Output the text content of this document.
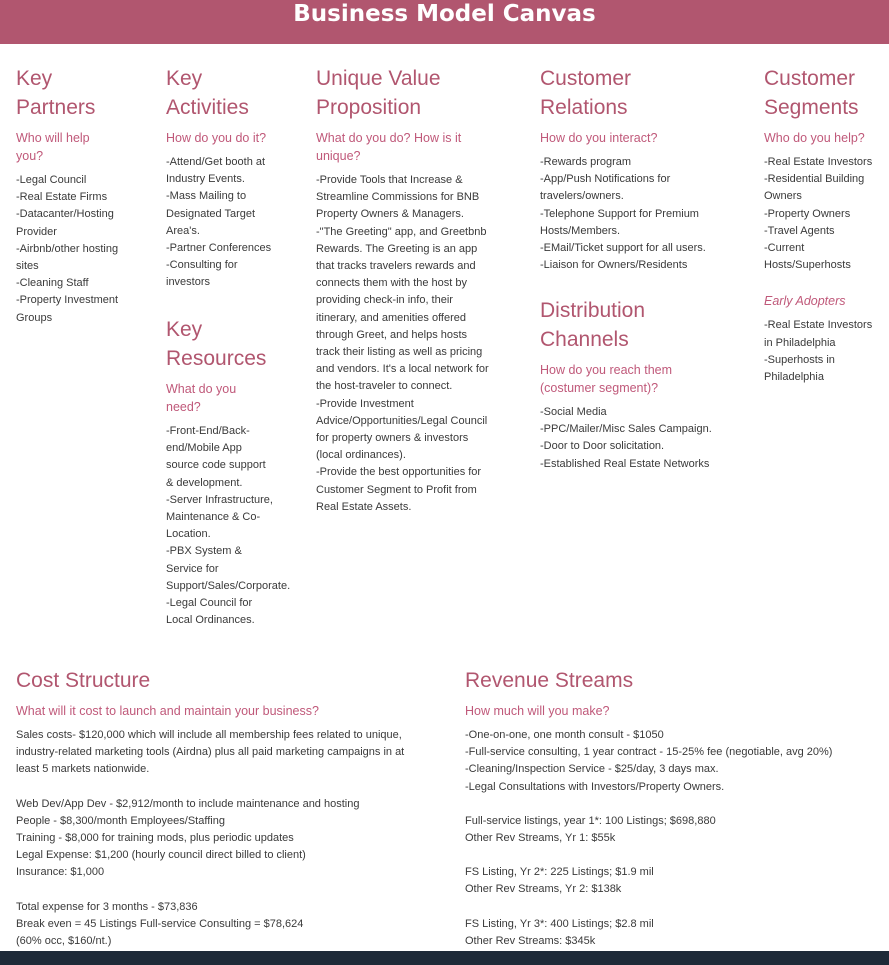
Business Model Canvas
Key
Partners
Who will help
you?
-Legal Council
-Real Estate Firms
-Datacanter/Hosting
Provider
-Airbnb/other hosting
sites
-Cleaning Staff
-Property Investment
Groups
Key
Activities
How do you do it?
-Attend/Get booth at
Industry Events.
-Mass Mailing to
Designated Target
Area's.
-Partner Conferences
-Consulting for
investors
Key
Resources
What do you
need?
-Front-End/Back-
end/Mobile App
source code support
& development.
-Server Infrastructure,
Maintenance & Co-
Location.
-PBX System &
Service for
Support/Sales/Corporate.
-Legal Council for
Local Ordinances.
Unique Value
Proposition
What do you do? How is it
unique?
-Provide Tools that Increase &
Streamline Commissions for BNB
Property Owners & Managers.
-"The Greeting" app, and Greetbnb
Rewards. The Greeting is an app
that tracks travelers rewards and
connects them with the host by
providing check-in info, their
itinerary, and amenities offered
through Greet, and helps hosts
track their listing as well as pricing
and vendors. It's a local network for
the host-traveler to connect.
-Provide Investment
Advice/Opportunities/Legal Council
for property owners & investors
(local ordinances).
-Provide the best opportunities for
Customer Segment to Profit from
Real Estate Assets.
Customer
Relations
How do you interact?
-Rewards program
-App/Push Notifications for
travelers/owners.
-Telephone Support for Premium
Hosts/Members.
-EMail/Ticket support for all users.
-Liaison for Owners/Residents
Distribution
Channels
How do you reach them
(costumer segment)?
-Social Media
-PPC/Mailer/Misc Sales Campaign.
-Door to Door solicitation.
-Established Real Estate Networks
Customer
Segments
Who do you help?
-Real Estate Investors
-Residential Building
Owners
-Property Owners
-Travel Agents
-Current
Hosts/Superhosts
Early Adopters
-Real Estate Investors
in Philadelphia
-Superhosts in
Philadelphia
Cost Structure
What will it cost to launch and maintain your business?
Sales costs- $120,000 which will include all membership fees related to unique,
industry-related marketing tools (Airdna) plus all paid marketing campaigns in at
least 5 markets nationwide.
Web Dev/App Dev - $2,912/month to include maintenance and hosting
People - $8,300/month Employees/Staffing
Training - $8,000 for training mods, plus periodic updates
Legal Expense: $1,200 (hourly council direct billed to client)
Insurance: $1,000
Total expense for 3 months - $73,836
Break even = 45 Listings Full-service Consulting = $78,624
(60% occ, $160/nt.)
Revenue Streams
How much will you make?
-One-on-one, one month consult - $1050
-Full-service consulting, 1 year contract - 15-25% fee (negotiable, avg 20%)
-Cleaning/Inspection Service - $25/day, 3 days max.
-Legal Consultations with Investors/Property Owners.
Full-service listings, year 1*: 100 Listings; $698,880
Other Rev Streams, Yr 1: $55k
FS Listing, Yr 2*: 225 Listings; $1.9 mil
Other Rev Streams, Yr 2: $138k
FS Listing, Yr 3*: 400 Listings; $2.8 mil
Other Rev Streams: $345k
